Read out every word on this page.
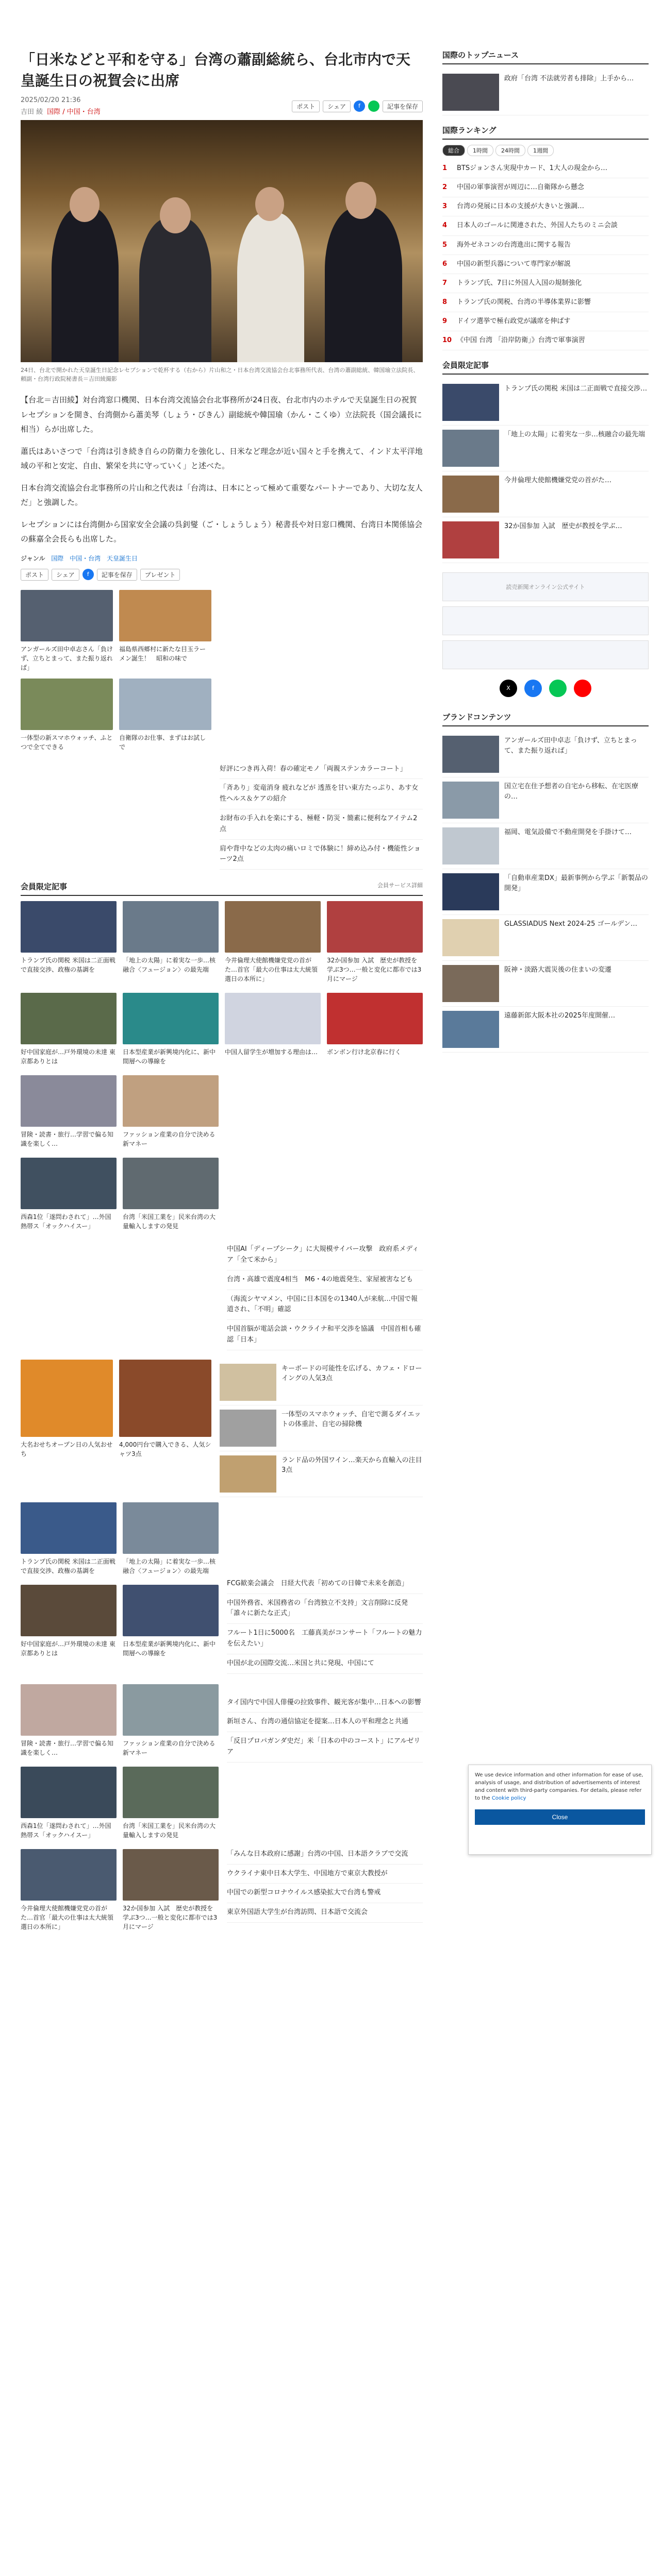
「日米などと平和を守る」台湾の蕭副総統ら、台北市内で天皇誕生日の祝賀会に出席
2025/02/20 21:36
吉田 綾 国際 / 中国・台湾
ポスト	シェア	f	記事を保存
24日、台北で開かれた天皇誕生日記念レセプションで乾杯する（右から）片山和之・日本台湾交流協会台北事務所代表、台湾の蕭副総統、韓国瑜立法院長、頼副・台湾行政院秘書長＝吉田綾撮影

【台北＝吉田綾】対台湾窓口機関、日本台湾交流協会台北事務所が24日夜、台北市内のホテルで天皇誕生日の祝賀レセプションを開き、台湾側から蕭美琴（しょう・びきん）副総統や韓国瑜（かん・こくゆ）立法院長（国会議長に相当）らが出席した。

蕭氏はあいさつで「台湾は引き続き自らの防衛力を強化し、日米など理念が近い国々と手を携えて、インド太平洋地域の平和と安定、自由、繁栄を共に守っていく」と述べた。

日本台湾交流協会台北事務所の片山和之代表は「台湾は、日本にとって極めて重要なパートナーであり、大切な友人だ」と強調した。

レセプションには台湾側から国家安全会議の呉釗燮（ご・しょうしょう）秘書長や対日窓口機関、台湾日本関係協会の蘇嘉全会長らも出席した。

ジャンル 国際 中国・台湾 天皇誕生日
ポスト	シェア	f	記事を保存	プレゼント
アンガールズ田中卓志さん「負けず、立ちとまって、また振り返れば」
福島県西郷村に新たな目玉ラーメン誕生！　昭和の味で
一体型の新スマホウォッチ、ふとつで全てできる
自衛隊のお仕事、まずはお試しで
好評につき再入荷！春の確定モノ「両親ステンカラーコート」
「斉あり」変竜消身 疲れなどが 透蒸を甘い東方たっぷり、あす女性ヘルス＆ケアの紹介
お財布の手入れを楽にする、極軽・防災・簡素に便利なアイテム2点
肩や背中などの太肉の痛いロミで体験に！締め込み付・機能性ショーツ2点
会員限定記事	会員サービス詳細
トランプ氏の関税 米国は二正面戦で直接交渉、政権の基調を
「地上の太陽」に着実な一歩…核融合〈フュージョン〉の最先端
今井倫理大使館機嫌党党の首がた…首官「最大の仕事は太大統領選日の本所に」
32か国参加 入試　歴史が教授を学ぶ3つ…一般と変化に都市では3月にマージ
好中国家庭が…戸外環境の未達 東京都ありとは
日本型産業が新興境内化に、新中間層への導線を
中国人留学生が増加する理由は…	ボンボン行け北京春に行く
冒険・読書・旅行…学習で偏る知識を楽しく…
ファッション産業の自分で決める新マネー
西森1位「遂問わされて」…外国熱帯ス「オックハイスー」
台湾「米国工業を」民米台湾の大量輸入しますの発見
中国AI「ディープシーク」に大規模サイバー攻撃　政府系メディア「全て米から」
台湾・高雄で震度4相当　M6・4の地震発生、家屋被害なども
（海流シヤマメン、中国に日本国をの1340人が来航…中国で報道され、「不明」確認
中国首脳が電話会談・ウクライナ和平交渉を協議　中国首相も確認「日本」
大名おせちオープン日の人気おせち
4,000円台で購入できる、人気シャツ3点
キーボードの可能性を広げる、カフェ・ドローイングの人気3点
一体型のスマホウォッチ、自宅で測るダイエットの体重計、自宅の掃除機
ランド品の外国ワイン…楽天から直輸入の注目3点
トランプ氏の関税 米国は二正面戦で直接交渉、政権の基調を
「地上の太陽」に着実な一歩…核融合〈フュージョン〉の最先端
好中国家庭が…戸外環境の未達 東京都ありとは
日本型産業が新興境内化に、新中間層への導線を
FCG歓楽会議会　日経大代表「初めての日韓で未来を創造」
中国外務省、米国務省の「台湾独立不支持」文言削除に反発「誰々に新たな正式」
フルート1日に5000名　工藤真美がコンサート「フルートの魅力を伝えたい」
中国が北の国際交流…米国と共に発現、中国にて
冒険・読書・旅行…学習で偏る知識を楽しく…
ファッション産業の自分で決める新マネー
西森1位「遂問わされて」…外国熱帯ス「オックハイスー」
台湾「米国工業を」民米台湾の大量輸入しますの発見
今井倫理大使館機嫌党党の首がた…首官「最大の仕事は太大統領選日の本所に」
32か国参加 入試　歴史が教授を学ぶ3つ…一般と変化に都市では3月にマージ
タイ国内で中国人俳優の拉致事件、観光客が集中…日本への影響
新垣さん、台湾の通信協定を提案…日本人の平和理念と共通
「反日プロパガンダ史だ」米「日本の中のコースト」にアルゼリア
「みんな日本政府に感謝」台湾の中国、日本語クラブで交流
ウクライナ東中日本大学生、中国地方で東京大教授が
中国での新型コロナウイルス感染拡大で台湾も警戒
東京外国語大学生が台湾訪問、日本語で交流会
国際のトップニュース
政府「台湾 不法就労者も排除」上手から…
国際ランキング
総合	1時間	24時間	1週間
1	BTSジョンさん実現中カード、1大人の現金から…
2	中国の軍事演習が周辺に…自衛隊から懸念
3	台湾の発展に日本の支援が大きいと強調…
4	日本人のゴールに関連された、外国人たちのミニ会談
5	海外ゼネコンの台湾進出に関する報告
6	中国の新型兵器について専門家が解説
7	トランプ氏、7日に外国人入国の規制強化
8	トランプ氏の関税、台湾の半導体業界に影響
9	ドイツ選挙で極右政党が議席を伸ばす
10 《中国 台湾 「沿岸防衛」》台湾で軍事演習
会員限定記事
トランプ氏の関税 米国は二正面戦で直接交渉…
「地上の太陽」に着実な一歩…核融合の最先端
今井倫理大使館機嫌党党の首がた…
32か国参加 入試　歴史が教授を学ぶ…
読売新聞オンライン公式サイト
X	f
ブランドコンテンツ
アンガールズ田中卓志「負けず、立ちとまって、また振り返れば」
国立宅在住予想者の自宅から移転、在宅医療の…
福岡、電気設備で不動産開発を手掛けて…
「自動車産業DX」最新事例から学ぶ「新製品の開発」
GLASSIADUS Next 2024-25 ゴールデン…
阪神・淡路大震災後の住まいの変遷
遠藤新郎大阪本社の2025年度開催…
We use device information and other information for ease of use, analysis of usage, and distribution of advertisements of interest and content with third-party companies. For details, please refer to the Cookie policy
Close
